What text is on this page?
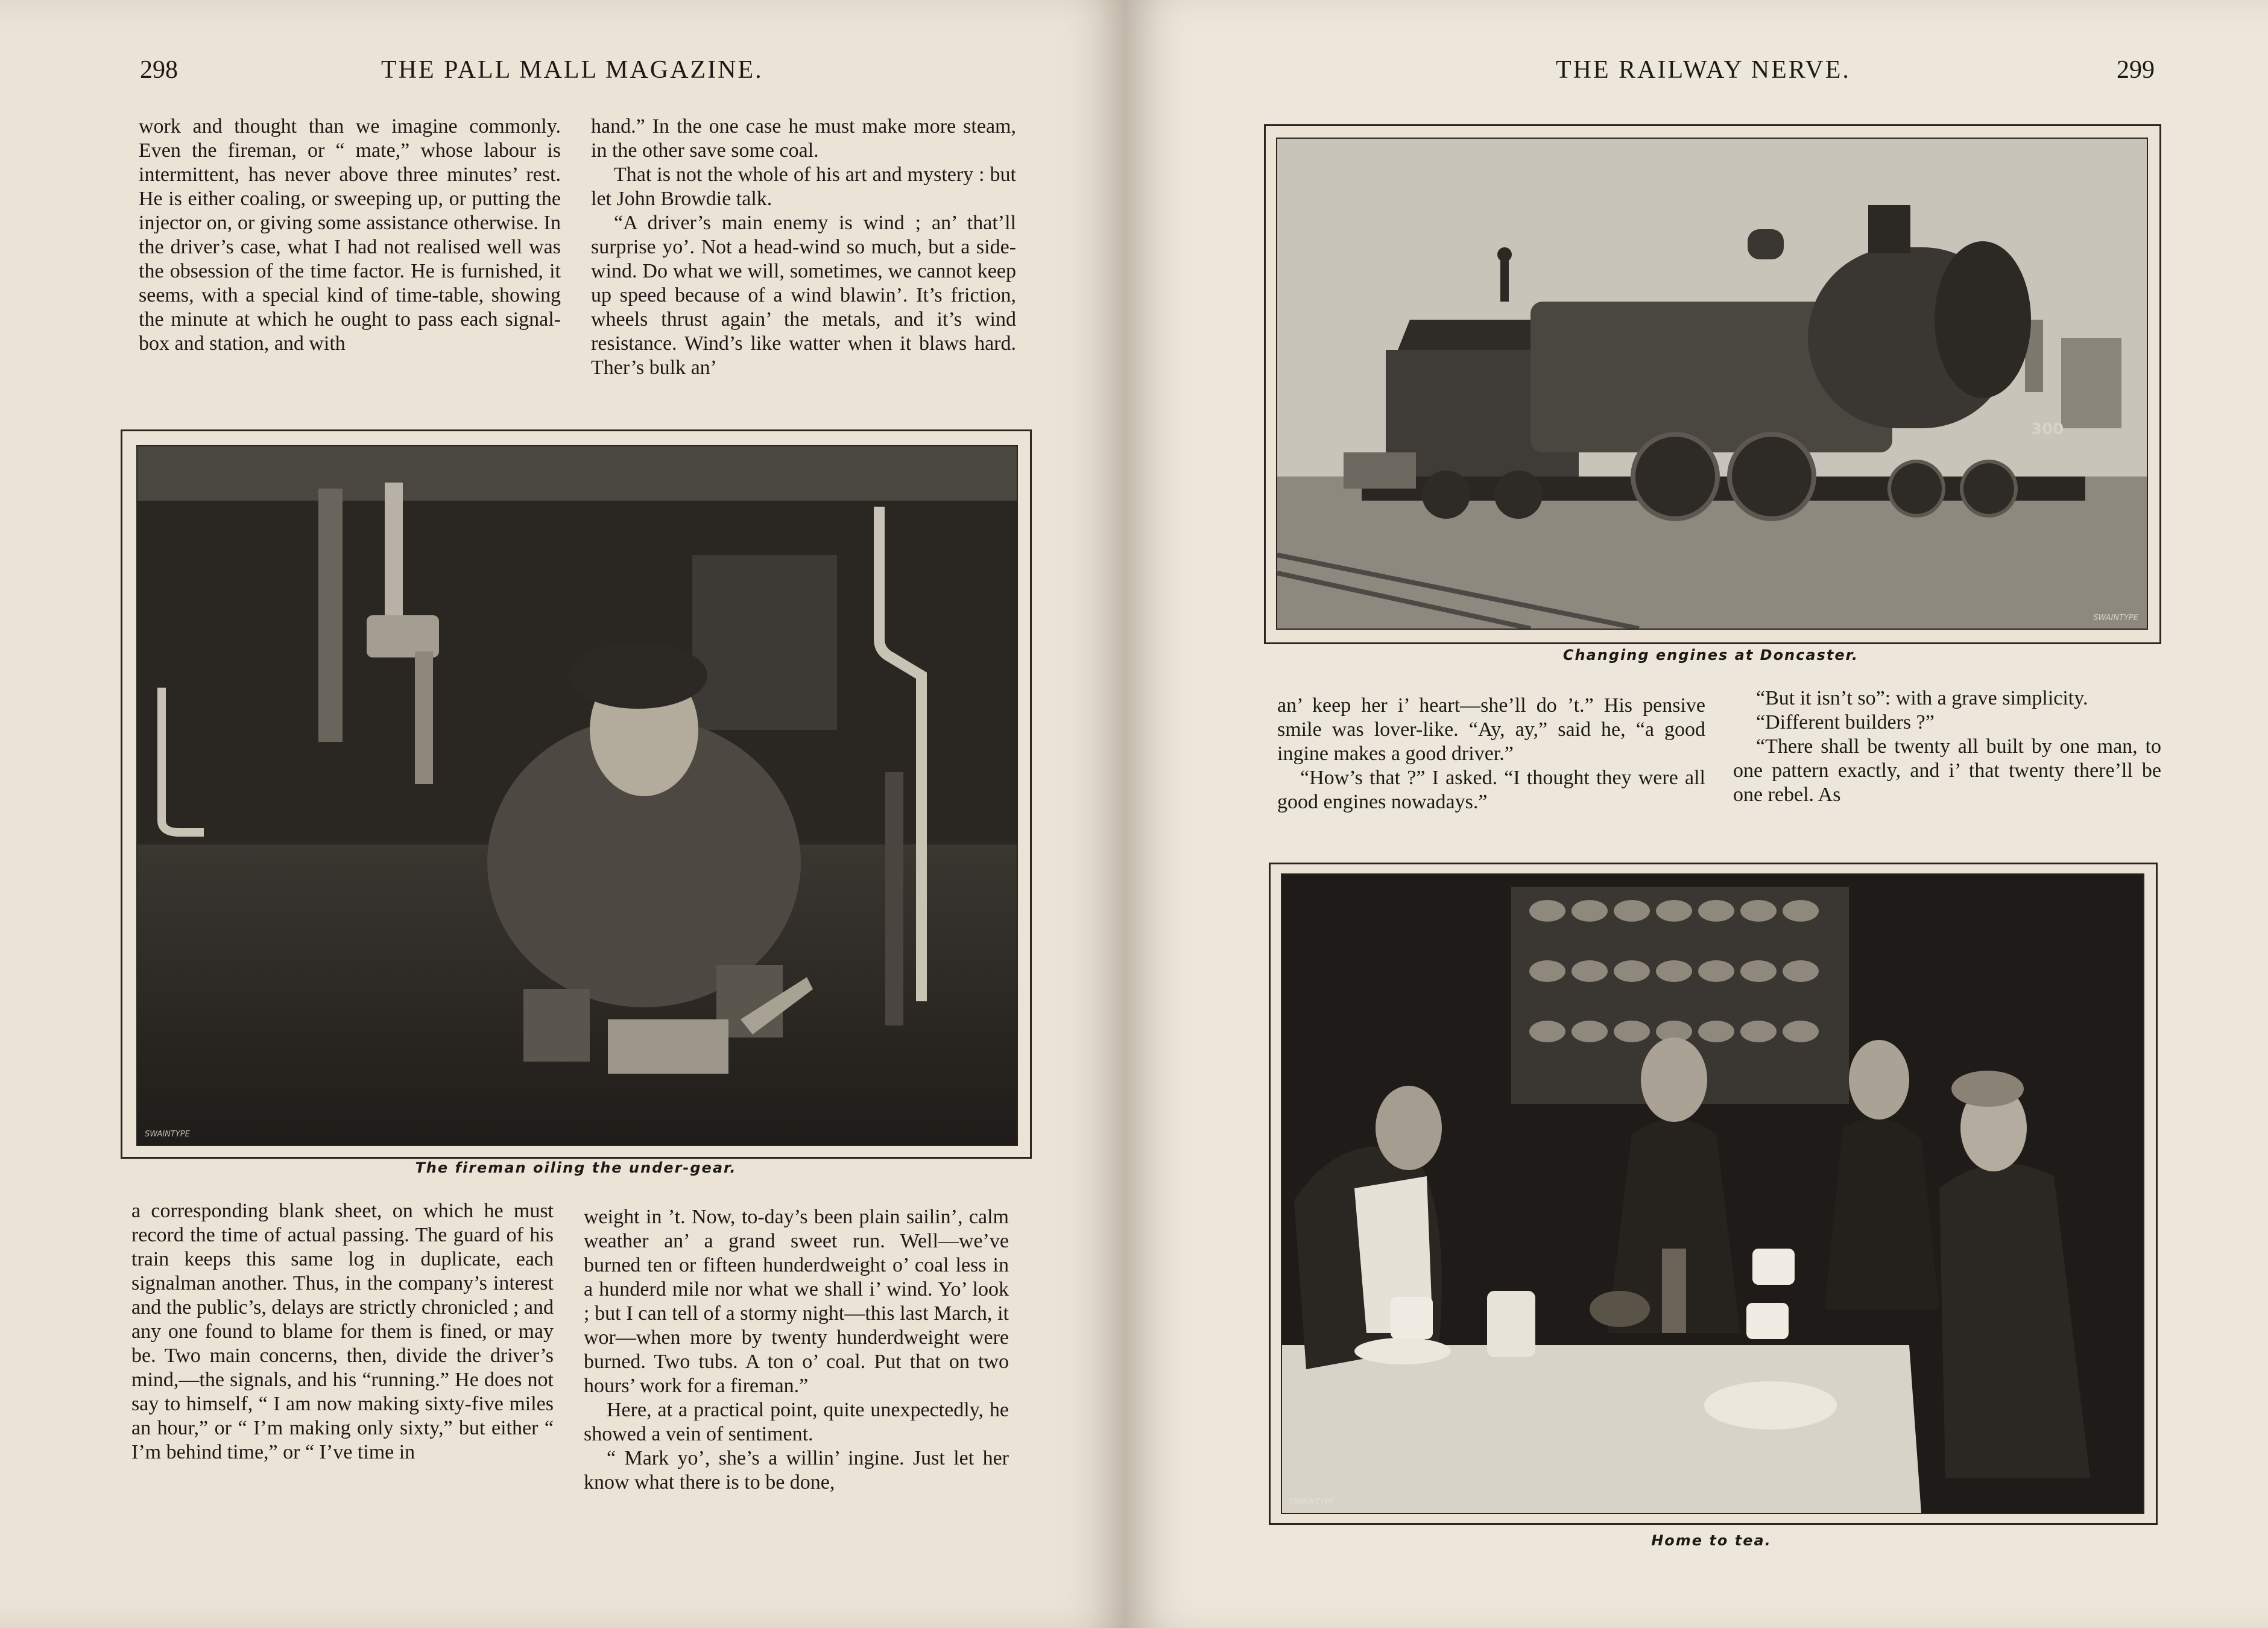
298	THE PALL MALL MAGAZINE.

work and thought than we imagine commonly. Even the fireman, or “ mate,” whose labour is intermittent, has never above three minutes’ rest. He is either coaling, or sweeping up, or putting the injector on, or giving some assistance otherwise. In the driver’s case, what I had not realised well was the obsession of the time factor. He is furnished, it seems, with a special kind of time-table, showing the minute at which he ought to pass each signal-box and station, and with

hand.” In the one case he must make more steam, in the other save some coal.

That is not the whole of his art and mystery : but let John Browdie talk.

“A driver’s main enemy is wind ; an’ that’ll surprise yo’. Not a head-wind so much, but a side-wind. Do what we will, sometimes, we cannot keep up speed because of a wind blawin’. It’s friction, wheels thrust again’ the metals, and it’s wind resistance. Wind’s like watter when it blaws hard. Ther’s bulk an’

SWAINTYPE
The fireman oiling the under-gear.

a corresponding blank sheet, on which he must record the time of actual passing. The guard of his train keeps this same log in duplicate, each signalman another. Thus, in the company’s interest and the public’s, delays are strictly chronicled ; and any one found to blame for them is fined, or may be. Two main concerns, then, divide the driver’s mind,—the signals, and his “running.” He does not say to himself, “ I am now making sixty-five miles an hour,” or “ I’m making only sixty,” but either “ I’m behind time,” or “ I’ve time in

weight in ’t. Now, to-day’s been plain sailin’, calm weather an’ a grand sweet run. Well—we’ve burned ten or fifteen hunderdweight o’ coal less in a hunderd mile nor what we shall i’ wind. Yo’ look ; but I can tell of a stormy night—this last March, it wor—when more by twenty hunderdweight were burned. Two tubs. A ton o’ coal. Put that on two hours’ work for a fireman.”

Here, at a practical point, quite unexpectedly, he showed a vein of sentiment.

“ Mark yo’, she’s a willin’ ingine. Just let her know what there is to be done,

THE RAILWAY NERVE.	299
300
SWAINTYPE
Changing engines at Doncaster.

an’ keep her i’ heart—she’ll do ’t.” His pensive smile was lover-like. “Ay, ay,” said he, “a good ingine makes a good driver.”

“How’s that ?” I asked. “I thought they were all good engines nowadays.”

“But it isn’t so”: with a grave simplicity.

“Different builders ?”

“There shall be twenty all built by one man, to one pattern exactly, and i’ that twenty there’ll be one rebel. As

SWAINTYPE
Home to tea.
